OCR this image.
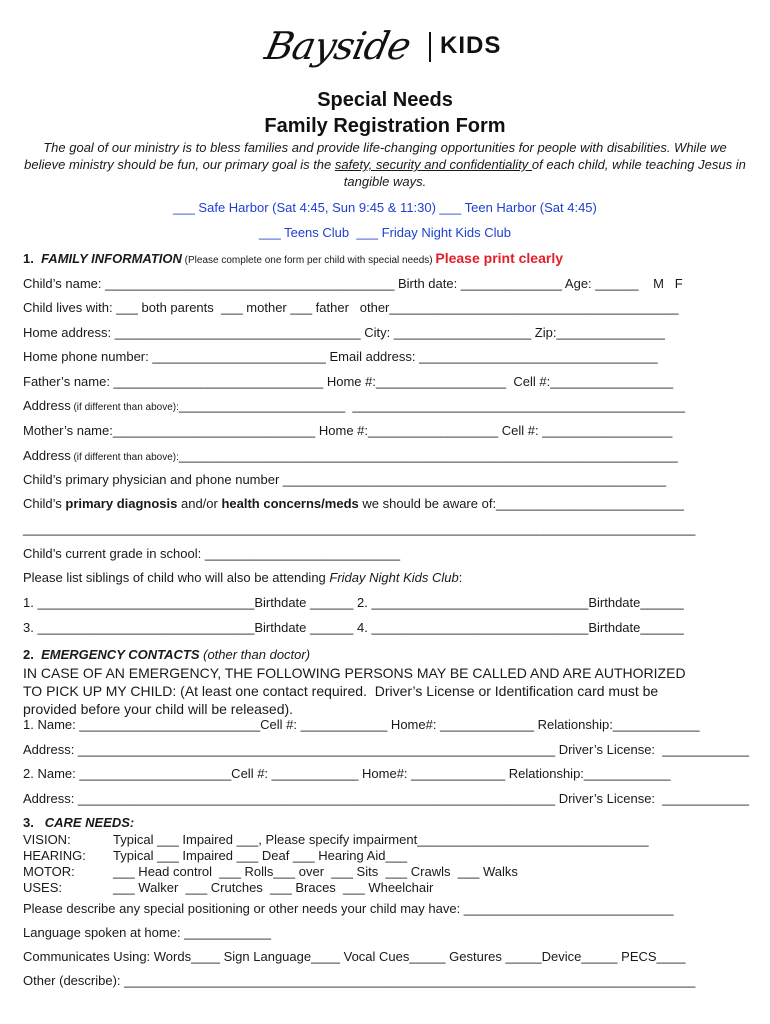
Bayside KIDS
Special Needs
Family Registration Form
The goal of our ministry is to bless families and provide life-changing opportunities for people with disabilities. While we believe ministry should be fun, our primary goal is the safety, security and confidentiality of each child, while teaching Jesus in tangible ways.
___ Safe Harbor (Sat 4:45, Sun 9:45 & 11:30) ___ Teen Harbor (Sat 4:45)
___ Teens Club  ___ Friday Night Kids Club
1. FAMILY INFORMATION (Please complete one form per child with special needs) Please print clearly
Child’s name: ________________________________________ Birth date: ______________ Age: ______    M   F
Child lives with: ___ both parents  ___ mother ___ father   other________________________________________
Home address: __________________________________ City: ___________________ Zip:_______________
Home phone number: ________________________ Email address: _________________________________
Father’s name: _____________________________ Home #:__________________  Cell #:_________________
Address (if different than above):_______________________  ______________________________________________
Mother’s name:____________________________ Home #:__________________ Cell #: __________________
Address (if different than above):_____________________________________________________________________
Child’s primary physician and phone number _____________________________________________________
Child’s primary diagnosis and/or health concerns/meds we should be aware of:__________________________
_____________________________________________________________________________________________
Child’s current grade in school: ___________________________
Please list siblings of child who will also be attending Friday Night Kids Club:
1. ______________________________Birthdate ______ 2. ______________________________Birthdate______
3. ______________________________Birthdate ______ 4. ______________________________Birthdate______
2. EMERGENCY CONTACTS (other than doctor)
IN CASE OF AN EMERGENCY, THE FOLLOWING PERSONS MAY BE CALLED AND ARE AUTHORIZED
TO PICK UP MY CHILD: (At least one contact required.  Driver’s License or Identification card must be
provided before your child will be released).
1. Name: _________________________Cell #: ____________ Home#: _____________ Relationship:____________
Address: __________________________________________________________________ Driver’s License:  ____________
2. Name: _____________________Cell #: ____________ Home#: _____________ Relationship:____________
Address: __________________________________________________________________ Driver’s License:  ____________
3. CARE NEEDS:
VISION:	Typical ___ Impaired ___, Please specify impairment________________________________
HEARING: Typical ___ Impaired ___ Deaf ___ Hearing Aid___
MOTOR:	___ Head control  ___ Rolls___ over  ___ Sits  ___ Crawls  ___ Walks
USES:	___ Walker  ___ Crutches  ___ Braces  ___ Wheelchair
Please describe any special positioning or other needs your child may have: _____________________________
Language spoken at home: ____________
Communicates Using: Words____ Sign Language____ Vocal Cues_____ Gestures _____Device_____ PECS____
Other (describe): _______________________________________________________________________________
